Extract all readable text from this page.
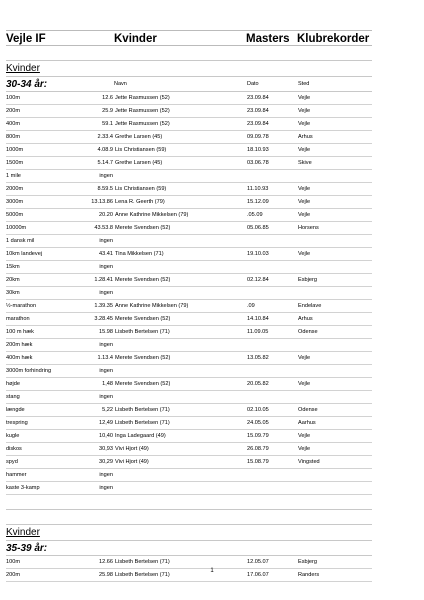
Vejle IF	Kvinder	Masters Klubrekorder
Kvinder
30-34 år:	Navn	Dato	Sted
100m	12.6 Jette Rasmussen (52)	23.09.84	Vejle
200m	25.9 Jette Rasmussen (52)	23.09.84	Vejle
400m	59.1 Jette Rasmussen (52)	23.09.84	Vejle
800m	2.33.4 Grethe Larsen (45)	09.09.78	Århus
1000m	4.08.9 Lis Christiansen (59)	18.10.93	Vejle
1500m	5.14.7 Grethe Larsen (45)	03.06.78	Skive
1 mile	ingen
2000m	8.59.5 Lis Christiansen (59)	11.10.93	Vejle
3000m	13.13.86 Lena R. Geerth (79)	15.12.09	Vejle
5000m	20.20 Anne Kathrine Mikkelsen (79)	.05.09	Vejle
10000m	43.53.8 Merete Svendsen (52)	05.06.85	Horsens
1 dansk mil	ingen
10km landevej	43.41 Tina Mikkelsen (71)	19.10.03	Vejle
15km	ingen
20km	1.28.41 Merete Svendsen (52)	02.12.84	Esbjerg
30km	ingen
½-marathon	1.39.35 Anne Kathrine Mikkelsen (79)	.09	Endelave
marathon	3.28.45 Merete Svendsen (52)	14.10.84	Århus
100 m hæk	15.98 Lisbeth Bertelsen (71)	11.09.05	Odense
200m hæk	ingen
400m hæk	1.13.4 Merete Svendsen (52)	13.05.82	Vejle
3000m forhindring	ingen
højde	1,48 Merete Svendsen (52)	20.05.82	Vejle
stang	ingen
længde	5,22 Lisbeth Bertelsen (71)	02.10.05	Odense
trespring	12,49 Lisbeth Bertelsen (71)	24.05.05	Aarhus
kugle	10,40 Inga Ladegaard (49)	15.09.79	Vejle
diskos	30,93 Vivi Hjort (49)	26.08.79	Vejle
spyd	30,29 Vivi Hjort (49)	15.08.79	Vingsted
hammer	ingen
kaste 3-kamp	ingen
Kvinder
35-39 år:
100m	12.66 Lisbeth Bertelsen (71)	12.05.07	Esbjerg
200m	25.98 Lisbeth Bertelsen (71)	17.06.07	Randers
1
